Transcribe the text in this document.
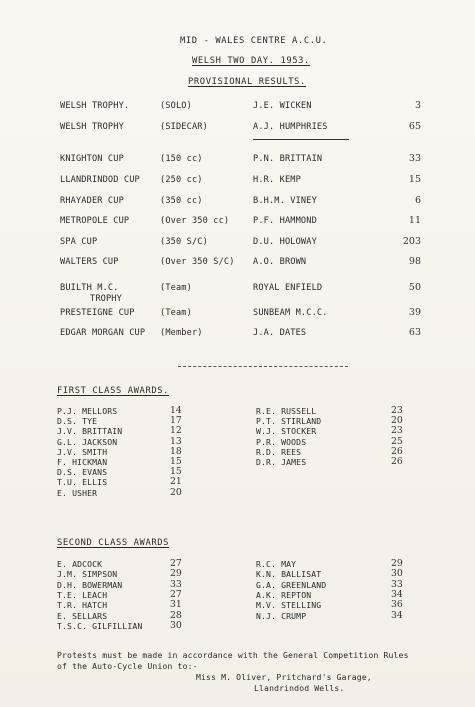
MID - WALES CENTRE A.C.U.
WELSH TWO DAY. 1953.
PROVISIONAL RESULTS.
WELSH TROPHY.	(SOLO)	J.E. WICKEN	3
WELSH TROPHY	(SIDECAR)	A.J. HUMPHRIES	65
KNIGHTON CUP	(150 cc)	P.N. BRITTAIN	33
LLANDRINDOD CUP (250 cc)	H.R. KEMP	15
RHAYADER CUP	(350 cc)	B.H.M. VINEY	6
METROPOLE CUP	(Over 350 cc)	P.F. HAMMOND	11
SPA CUP	(350 S/C)	D.U. HOLOWAY	203
WALTERS CUP	(Over 350 S/C) A.O. BROWN	98
BUILTH M.C.
TROPHY
(Team)	ROYAL ENFIELD	50
PRESTEIGNE CUP	(Team)	SUNBEAM M.C.C.	39
EDGAR MORGAN CUP (Member)	J.A. DATES	63
FIRST CLASS AWARDS.
P.J. MELLORS	14
D.S. TYE	17
J.V. BRITTAIN	12
G.L. JACKSON	13
J.V. SMITH	18
F. HICKMAN	15
D.S. EVANS	15
T.U. ELLIS	21
E. USHER	20
R.E. RUSSELL	23
P.T. STIRLAND	20
W.J. STOCKER	23
P.R. WOODS	25
R.D. REES	26
D.R. JAMES	26
SECOND CLASS AWARDS
E. ADCOCK	27
J.M. SIMPSON	29
D.H. BOWERMAN	33
T.E. LEACH	27
T.R. HATCH	31
E. SELLARS	28
T.S.C. GILFILLIAN	30
R.C. MAY	29
K.N. BALLISAT	30
G.A. GREENLAND	33
A.K. REPTON	34
M.V. STELLING	36
N.J. CRUMP	34
Protests must be made in accordance with the General Competition Rules
of the Auto-Cycle Union to:-
Miss M. Oliver, Pritchard's Garage,
Llandrindod Wells.
